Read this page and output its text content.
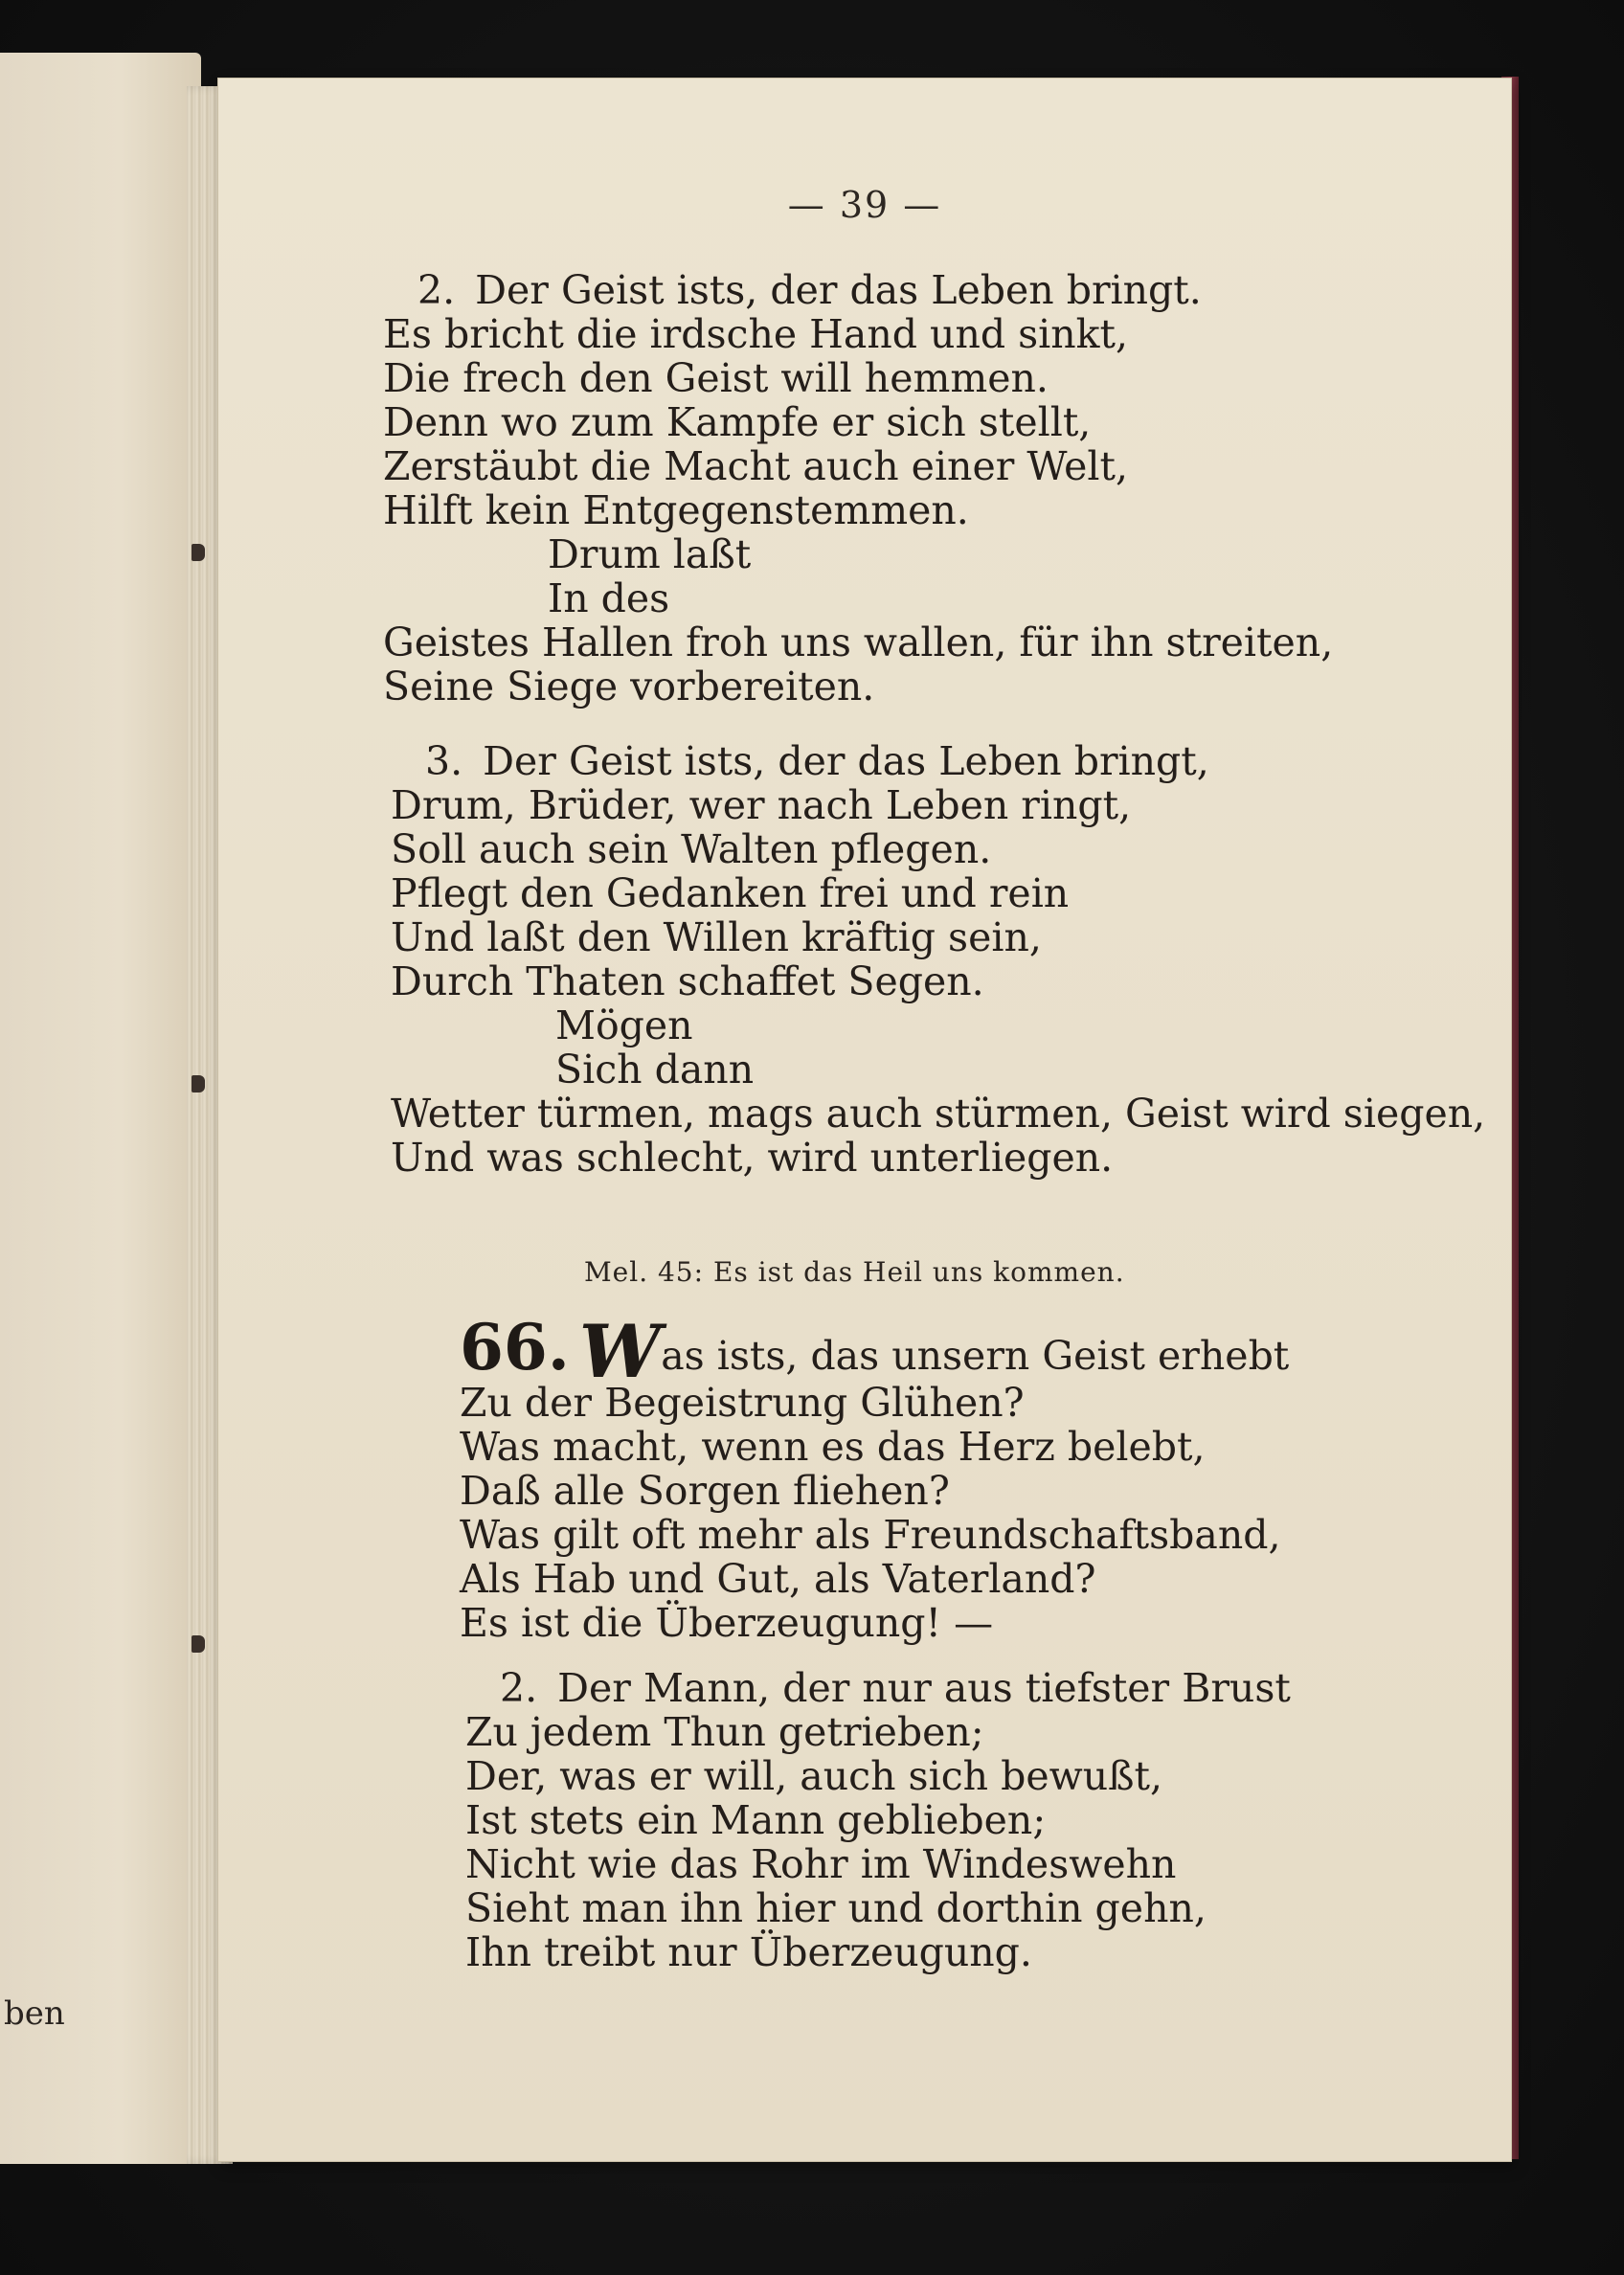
ben
— 39 —
2. Der Geist ists, der das Leben bringt.
Es bricht die irdsche Hand und sinkt,
Die frech den Geist will hemmen.
Denn wo zum Kampfe er sich stellt,
Zerstäubt die Macht auch einer Welt,
Hilft kein Entgegenstemmen.
Drum laßt
In des
Geistes Hallen froh uns wallen, für ihn streiten,
Seine Siege vorbereiten.
3. Der Geist ists, der das Leben bringt,
Drum, Brüder, wer nach Leben ringt,
Soll auch sein Walten pflegen.
Pflegt den Gedanken frei und rein
Und laßt den Willen kräftig sein,
Durch Thaten schaffet Segen.
Mögen
Sich dann
Wetter türmen, mags auch stürmen, Geist wird siegen,
Und was schlecht, wird unterliegen.
Mel. 45: Es ist das Heil uns kommen.
66. Was ists, das unsern Geist erhebt
Zu der Begeistrung Glühen?
Was macht, wenn es das Herz belebt,
Daß alle Sorgen fliehen?
Was gilt oft mehr als Freundschaftsband,
Als Hab und Gut, als Vaterland?
Es ist die Überzeugung! —
2. Der Mann, der nur aus tiefster Brust
Zu jedem Thun getrieben;
Der, was er will, auch sich bewußt,
Ist stets ein Mann geblieben;
Nicht wie das Rohr im Windeswehn
Sieht man ihn hier und dorthin gehn,
Ihn treibt nur Überzeugung.
